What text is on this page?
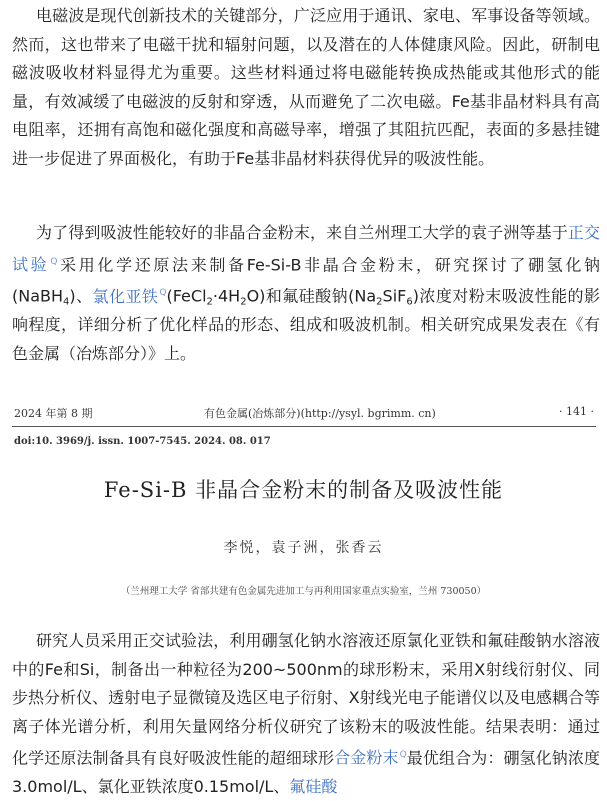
电磁波是现代创新技术的关键部分，广泛应用于通讯、家电、军事设备等领域。然而，这也带来了电磁干扰和辐射问题，以及潜在的人体健康风险。因此，研制电磁波吸收材料显得尤为重要。这些材料通过将电磁能转换成热能或其他形式的能量，有效减缓了电磁波的反射和穿透，从而避免了二次电磁。Fe基非晶材料具有高电阻率，还拥有高饱和磁化强度和高磁导率，增强了其阻抗匹配，表面的多悬挂键进一步促进了界面极化，有助于Fe基非晶材料获得优异的吸波性能。

为了得到吸波性能较好的非晶合金粉末，来自兰州理工大学的袁子洲等基于正交试验$^Q$采用化学还原法来制备Fe-Si-B非晶合金粉末，研究探讨了硼氢化钠(NaBH$_4$)、氯化亚铁$^Q(FeCl_2\cdot 4H_2O)$和氟硅酸钠$(Na_2SiF_6)$浓度对粉末吸波性能的影响程度，详细分析了优化样品的形态、组成和吸波机制。相关研究成果发表在《有色金属（冶炼部分）》上。

2024 年第 8 期	有色金属(冶炼部分)(http://ysyl. bgrimm. cn)	· 141 ·
doi:10. 3969/j. issn. 1007-7545. 2024. 08. 017
Fe-Si-B 非晶合金粉末的制备及吸波性能
李悦，袁子洲，张香云
（兰州理工大学 省部共建有色金属先进加工与再利用国家重点实验室，兰州 730050）

研究人员采用正交试验法，利用硼氢化钠水溶液还原氯化亚铁和氟硅酸钠水溶液中的Fe和Si，制备出一种粒径为200~500nm的球形粉末，采用X射线衍射仪、同步热分析仪、透射电子显微镜及选区电子衍射、X射线光电子能谱仪以及电感耦合等离子体光谱分析，利用矢量网络分析仪研究了该粉末的吸波性能。结果表明：通过化学还原法制备具有良好吸波性能的超细球形合金粉末$^Q$最优组合为：硼氢化钠浓度3.0mol/L、氯化亚铁浓度0.15mol/L、氟硅酸
